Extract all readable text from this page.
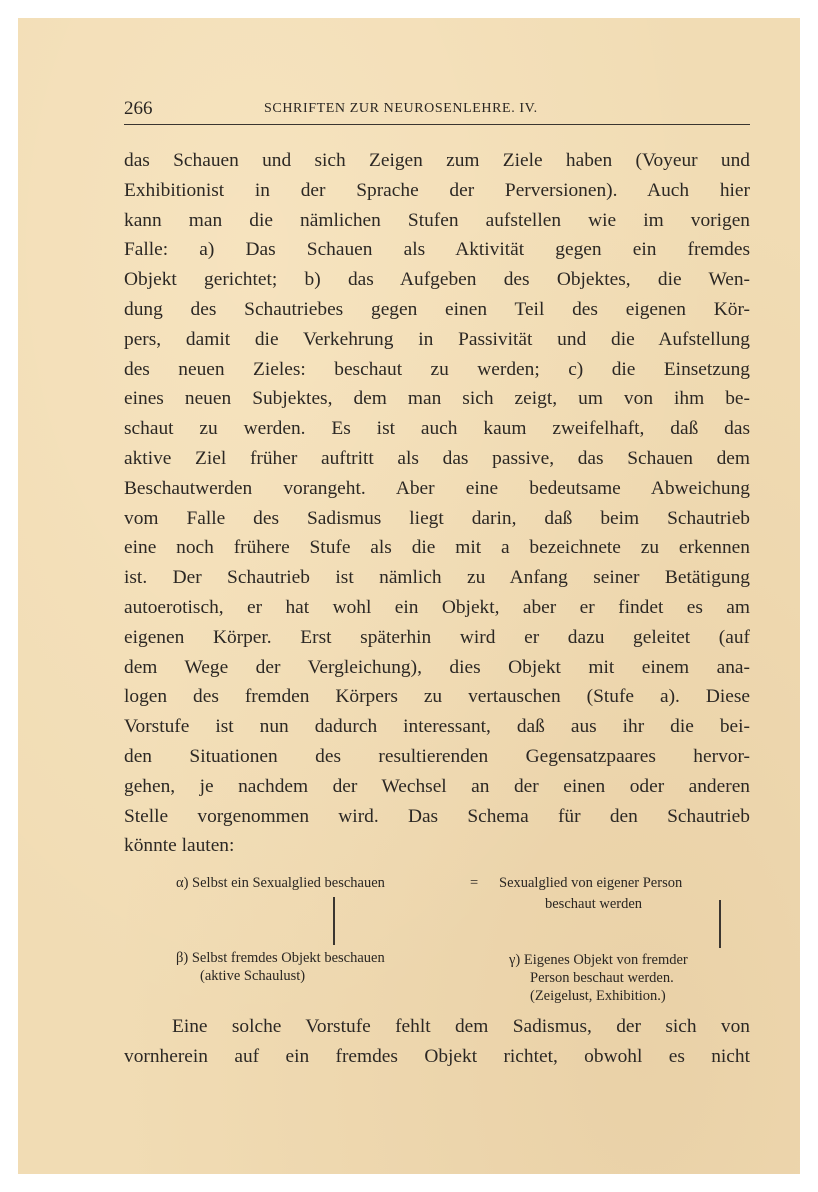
266	SCHRIFTEN ZUR NEUROSENLEHRE. IV.
das Schauen und sich Zeigen zum Ziele haben (Voyeur und
Exhibitionist in der Sprache der Perversionen). Auch hier
kann man die nämlichen Stufen aufstellen wie im vorigen
Falle: a) Das Schauen als Aktivität gegen ein fremdes
Objekt gerichtet; b) das Aufgeben des Objektes, die Wen-
dung des Schautriebes gegen einen Teil des eigenen Kör-
pers, damit die Verkehrung in Passivität und die Aufstellung
des neuen Zieles: beschaut zu werden; c) die Einsetzung
eines neuen Subjektes, dem man sich zeigt, um von ihm be-
schaut zu werden. Es ist auch kaum zweifelhaft, daß das
aktive Ziel früher auftritt als das passive, das Schauen dem
Beschautwerden vorangeht. Aber eine bedeutsame Abweichung
vom Falle des Sadismus liegt darin, daß beim Schautrieb
eine noch frühere Stufe als die mit a bezeichnete zu erkennen
ist. Der Schautrieb ist nämlich zu Anfang seiner Betätigung
autoerotisch, er hat wohl ein Objekt, aber er findet es am
eigenen Körper. Erst späterhin wird er dazu geleitet (auf
dem Wege der Vergleichung), dies Objekt mit einem ana-
logen des fremden Körpers zu vertauschen (Stufe a). Diese
Vorstufe ist nun dadurch interessant, daß aus ihr die bei-
den Situationen des resultierenden Gegensatzpaares hervor-
gehen, je nachdem der Wechsel an der einen oder anderen
Stelle vorgenommen wird. Das Schema für den Schautrieb
könnte lauten:
α) Selbst ein Sexualglied beschauen	= Sexualglied von eigener Person
beschaut werden
β) Selbst fremdes Objekt beschauen
(aktive Schaulust)
γ) Eigenes Objekt von fremder
Person beschaut werden.
(Zeigelust, Exhibition.)
Eine solche Vorstufe fehlt dem Sadismus, der sich von
vornherein auf ein fremdes Objekt richtet, obwohl es nicht
